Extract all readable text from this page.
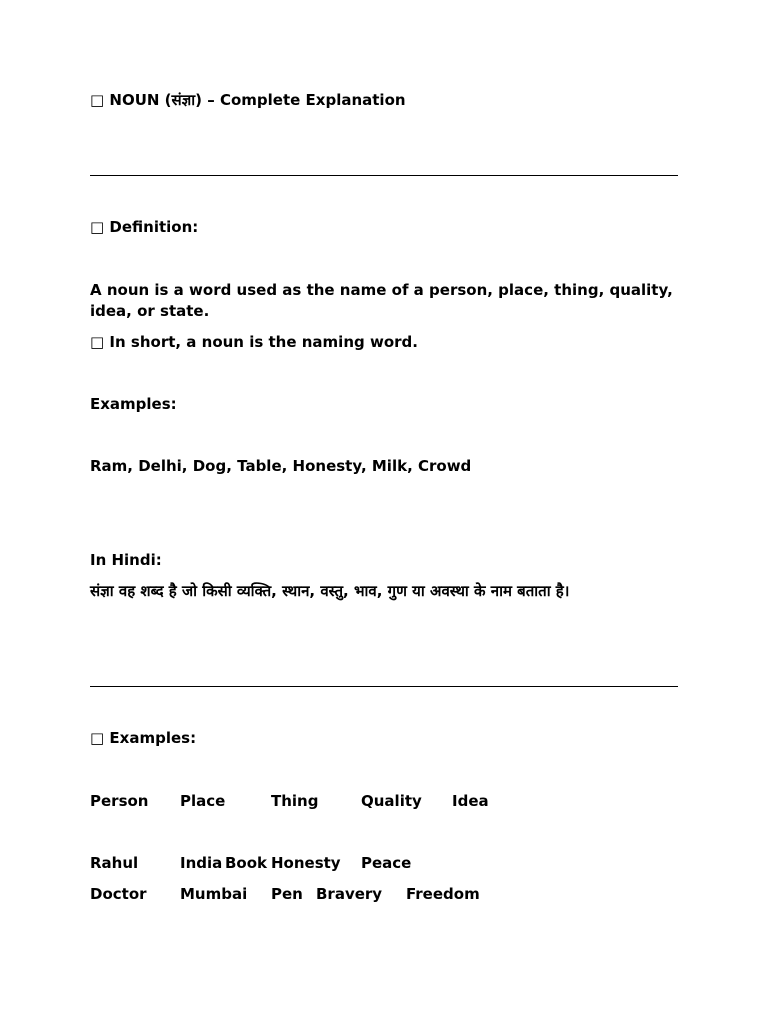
□ NOUN (संज्ञा) – Complete Explanation
□ Definition:
A noun is a word used as the name of a person, place, thing, quality, idea, or state.
□ In short, a noun is the naming word.
Examples:
Ram, Delhi, Dog, Table, Honesty, Milk, Crowd
In Hindi:
संज्ञा वह शब्द है जो किसी व्यक्ति, स्थान, वस्तु, भाव, गुण या अवस्था के नाम बताता है।
□ Examples:
Person Place	Thing	Quality Idea
Rahul	India Book Honesty Peace
Doctor Mumbai Pen Bravery Freedom
